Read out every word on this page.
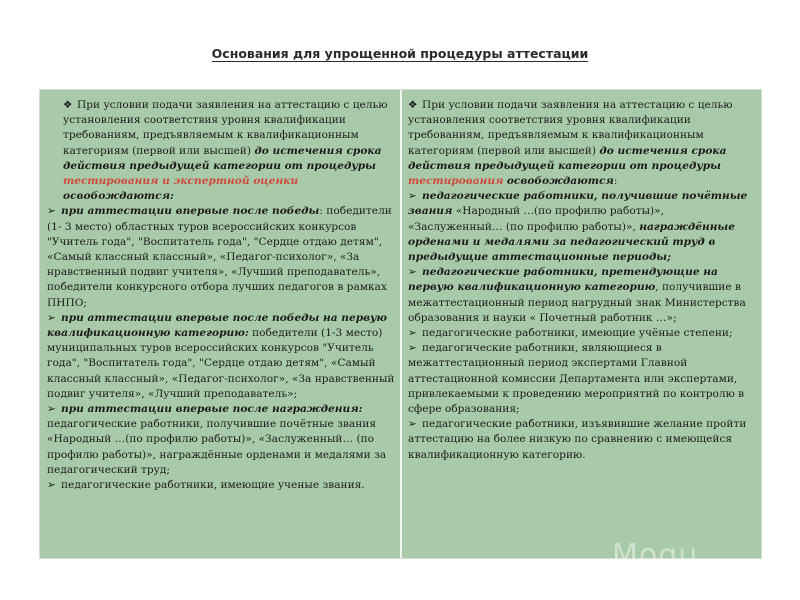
Основания для упрощенной процедуры аттестации

❖ При условии подачи заявления на аттестацию с целью установления соответствия уровня квалификации требованиям, предъявляемым к квалификационным категориям (первой или высшей) до истечения срока действия предыдущей категории от процедуры тестирования и экспертной оценки освобождаются:

➢ при аттестации впервые после победы: победители (1- 3 место) областных туров всероссийских конкурсов "Учитель года", "Воспитатель года", "Сердце отдаю детям", «Самый классный классный», «Педагог-психолог», «За нравственный подвиг учителя», «Лучший преподаватель», победители конкурсного отбора лучших педагогов в рамках ПНПО;

➢ при аттестации впервые после победы на первую квалификационную категорию: победители (1-3 место) муниципальных туров всероссийских конкурсов "Учитель года", "Воспитатель года", "Сердце отдаю детям", «Самый классный классный», «Педагог-психолог», «За нравственный подвиг учителя», «Лучший преподаватель»;

➢ при аттестации впервые после награждения: педагогические работники, получившие почётные звания «Народный …(по профилю работы)», «Заслуженный… (по профилю работы)», награждённые орденами и медалями за педагогический труд;

➢ педагогические работники, имеющие ученые звания.

❖ При условии подачи заявления на аттестацию с целью установления соответствия уровня квалификации требованиям, предъявляемым к квалификационным категориям (первой или высшей) до истечения срока действия предыдущей категории от процедуры тестирования освобождаются:

➢ педагогические работники, получившие почётные звания «Народный …(по профилю работы)», «Заслуженный… (по профилю работы)», награждённые орденами и медалями за педагогический труд в предыдущие аттестационные периоды;

➢ педагогические работники, претендующие на первую квалификационную категорию, получившие в межаттестационный период нагрудный знак Министерства образования и науки « Почетный работник …»;

➢ педагогические работники, имеющие учёные степени;

➢ педагогические работники, являющиеся в межаттестационный период экспертами Главной аттестационной комиссии Департамента или экспертами, привлекаемыми к проведению мероприятий по контролю в сфере образования;

➢ педагогические работники, изъявившие желание пройти аттестацию на более низкую по сравнению с имеющейся квалификационную категорию.

Mogu
